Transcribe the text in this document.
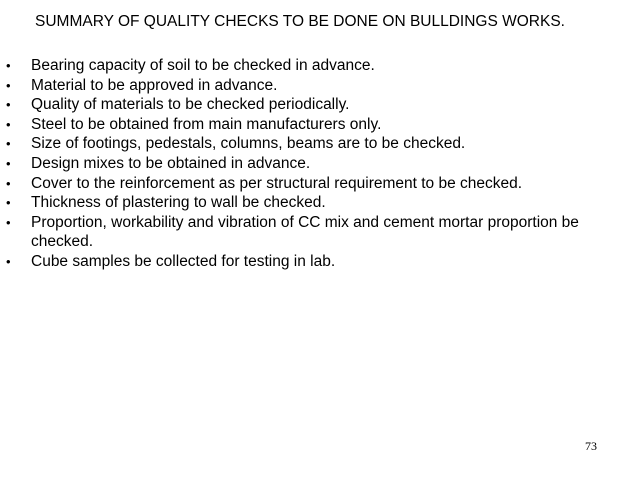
SUMMARY OF QUALITY CHECKS TO BE DONE ON BULLDINGS WORKS.
• Bearing capacity of soil to be checked in advance.
• Material to be approved in advance.
• Quality of materials to be checked periodically.
• Steel to be obtained from main manufacturers only.
• Size of footings, pedestals, columns, beams are to be checked.
• Design mixes to be obtained in advance.
• Cover to the reinforcement as per structural requirement to be checked.
• Thickness of plastering to wall be checked.
• Proportion, workability and vibration of CC mix and cement mortar proportion be
checked.
• Cube samples be collected for testing in lab.
73
